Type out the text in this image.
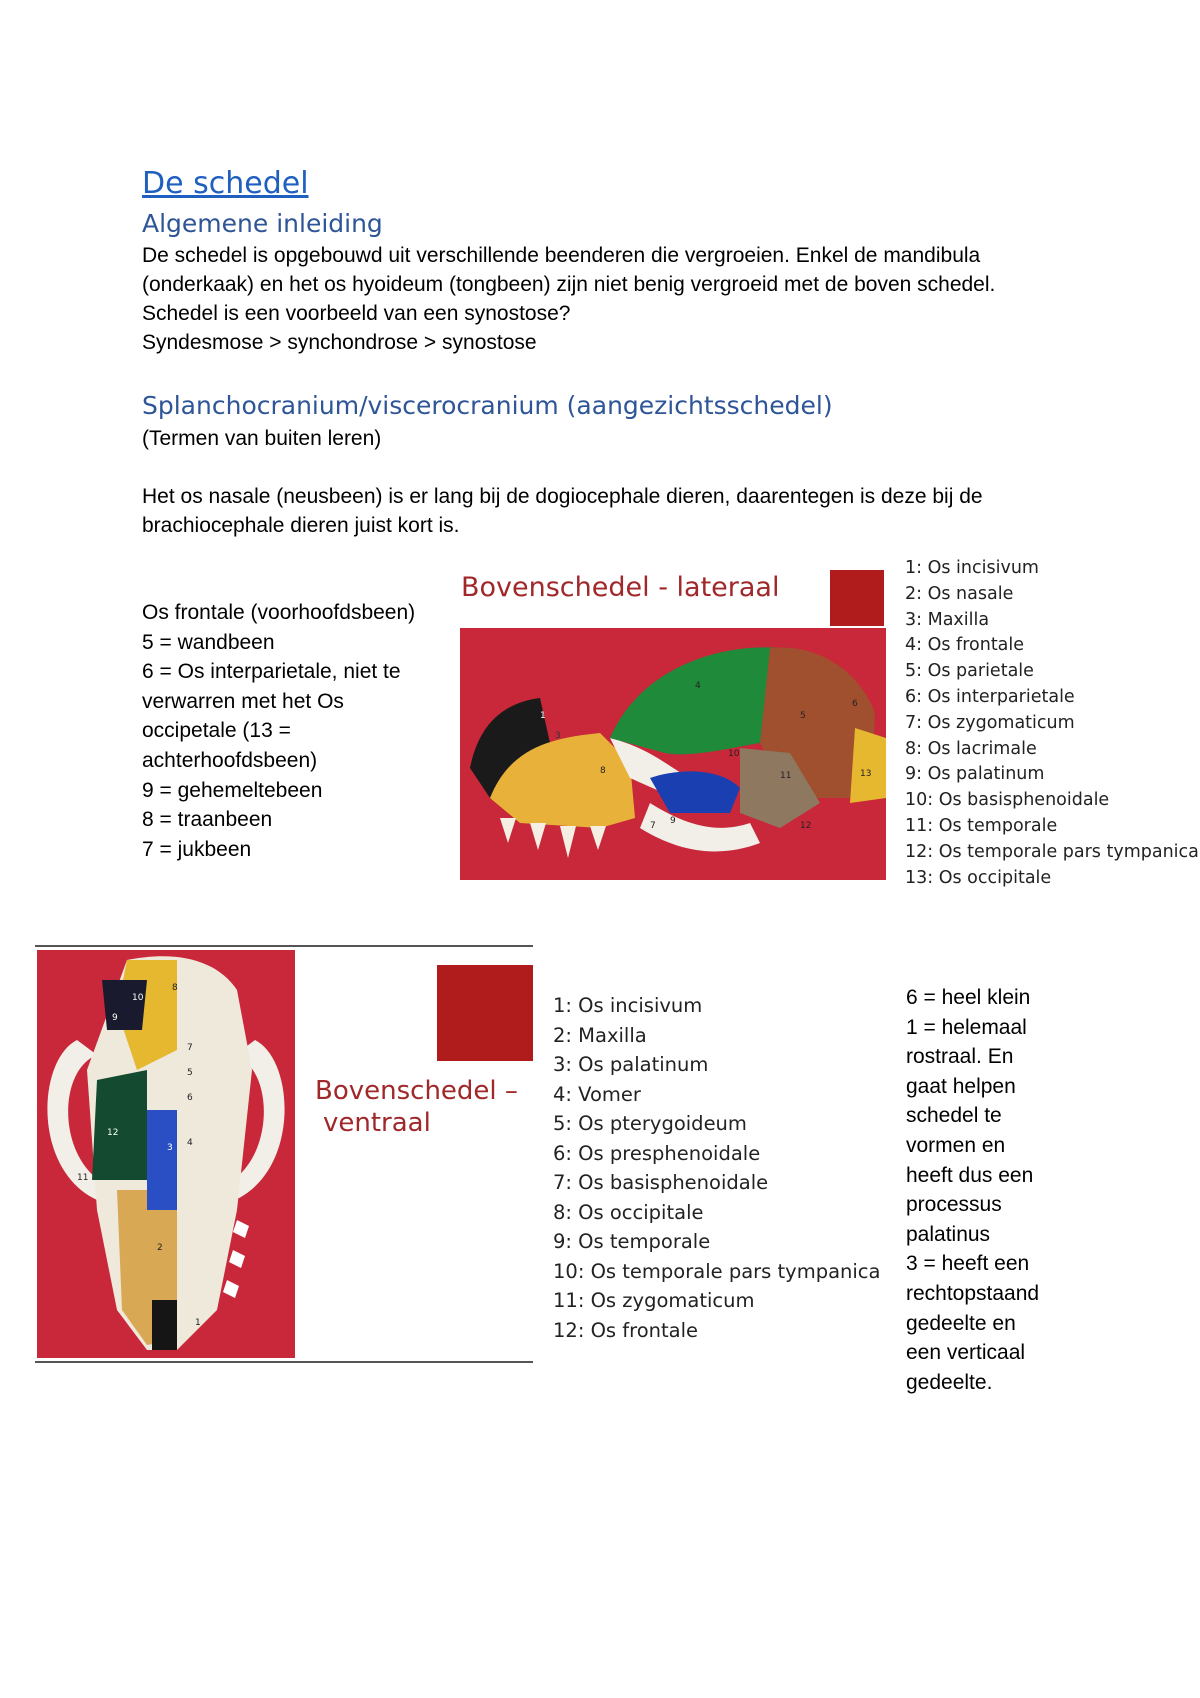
De schedel
Algemene inleiding
De schedel is opgebouwd uit verschillende beenderen die vergroeien. Enkel de mandibula
(onderkaak) en het os hyoideum (tongbeen) zijn niet benig vergroeid met de boven schedel.
Schedel is een voorbeeld van een synostose?
Syndesmose > synchondrose > synostose
Splanchocranium/viscerocranium (aangezichtsschedel)
(Termen van buiten leren)
Het os nasale (neusbeen) is er lang bij de dogiocephale dieren, daarentegen is deze bij de
brachiocephale dieren juist kort is.
Os frontale (voorhoofdsbeen)
5 = wandbeen
6 = Os interparietale, niet te
verwarren met het Os
occipetale (13 =
achterhoofdsbeen)
9 = gehemeltebeen
8 = traanbeen
7 = jukbeen
Bovenschedel - lateraal
1
3
4
5
6
7
8
9
10
11
12
13
1: Os incisivum
2: Os nasale
3: Maxilla
4: Os frontale
5: Os parietale
6: Os interparietale
7: Os zygomaticum
8: Os lacrimale
9: Os palatinum
10: Os basisphenoidale
11: Os temporale
12: Os temporale pars tympanica
13: Os occipitale
1
2
3 4
5
6
7
8
9
10
11
12
Bovenschedel –
ventraal
1: Os incisivum
2: Maxilla
3: Os palatinum
4: Vomer
5: Os pterygoideum
6: Os presphenoidale
7: Os basisphenoidale
8: Os occipitale
9: Os temporale
10: Os temporale pars tympanica
11: Os zygomaticum
12: Os frontale
6 = heel klein
1 = helemaal
rostraal. En
gaat helpen
schedel te
vormen en
heeft dus een
processus
palatinus
3 = heeft een
rechtopstaand
gedeelte en
een verticaal
gedeelte.
